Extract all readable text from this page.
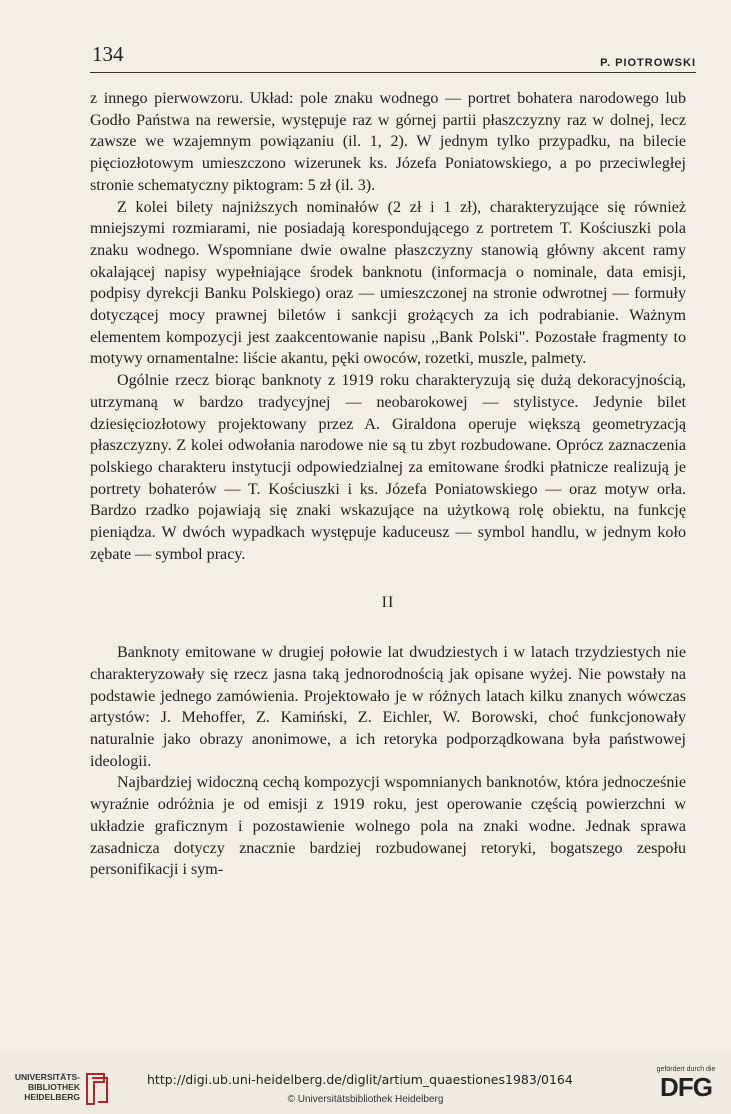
134	P. PIOTROWSKI

z innego pierwowzoru. Układ: pole znaku wodnego — portret bohatera narodowego lub Godło Państwa na rewersie, występuje raz w górnej partii płaszczyzny raz w dolnej, lecz zawsze we wzajemnym powiązaniu (il. 1, 2). W jednym tylko przypadku, na bilecie pięciozłotowym umieszczono wizerunek ks. Józefa Poniatowskiego, a po przeciwległej stronie schematyczny piktogram: 5 zł (il. 3).

Z kolei bilety najniższych nominałów (2 zł i 1 zł), charakteryzujące się również mniejszymi rozmiarami, nie posiadają korespondującego z portretem T. Kościuszki pola znaku wodnego. Wspomniane dwie owalne płaszczyzny stanowią główny akcent ramy okalającej napisy wypełniające środek banknotu (informacja o nominale, data emisji, podpisy dyrekcji Banku Polskiego) oraz — umieszczonej na stronie odwrotnej — formuły dotyczącej mocy prawnej biletów i sankcji grożących za ich podrabianie. Ważnym elementem kompozycji jest zaakcentowanie napisu ,,Bank Polski". Pozostałe fragmenty to motywy ornamentalne: liście akantu, pęki owoców, rozetki, muszle, palmety.

Ogólnie rzecz biorąc banknoty z 1919 roku charakteryzują się dużą dekoracyjnością, utrzymaną w bardzo tradycyjnej — neobarokowej — stylistyce. Jedynie bilet dziesięciozłotowy projektowany przez A. Giraldona operuje większą geometryzacją płaszczyzny. Z kolei odwołania narodowe nie są tu zbyt rozbudowane. Oprócz zaznaczenia polskiego charakteru instytucji odpowiedzialnej za emitowane środki płatnicze realizują je portrety bohaterów — T. Kościuszki i ks. Józefa Poniatowskiego — oraz motyw orła. Bardzo rzadko pojawiają się znaki wskazujące na użytkową rolę obiektu, na funkcję pieniądza. W dwóch wypadkach występuje kaduceusz — symbol handlu, w jednym koło zębate — symbol pracy.

II

Banknoty emitowane w drugiej połowie lat dwudziestych i w latach trzydziestych nie charakteryzowały się rzecz jasna taką jednorodnością jak opisane wyżej. Nie powstały na podstawie jednego zamówienia. Projektowało je w różnych latach kilku znanych wówczas artystów: J. Mehoffer, Z. Kamiński, Z. Eichler, W. Borowski, choć funkcjonowały naturalnie jako obrazy anonimowe, a ich retoryka podporządkowana była państwowej ideologii.

Najbardziej widoczną cechą kompozycji wspomnianych banknotów, która jednocześnie wyraźnie odróżnia je od emisji z 1919 roku, jest operowanie częścią powierzchni w układzie graficznym i pozostawienie wolnego pola na znaki wodne. Jednak sprawa zasadnicza dotyczy znacznie bardziej rozbudowanej retoryki, bogatszego zespołu personifikacji i sym-

UNIVERSITÄTS-
BIBLIOTHEK
HEIDELBERG
http://digi.ub.uni-heidelberg.de/diglit/artium_quaestiones1983/0164
© Universitätsbibliothek Heidelberg
gefördert durch die
DFG
